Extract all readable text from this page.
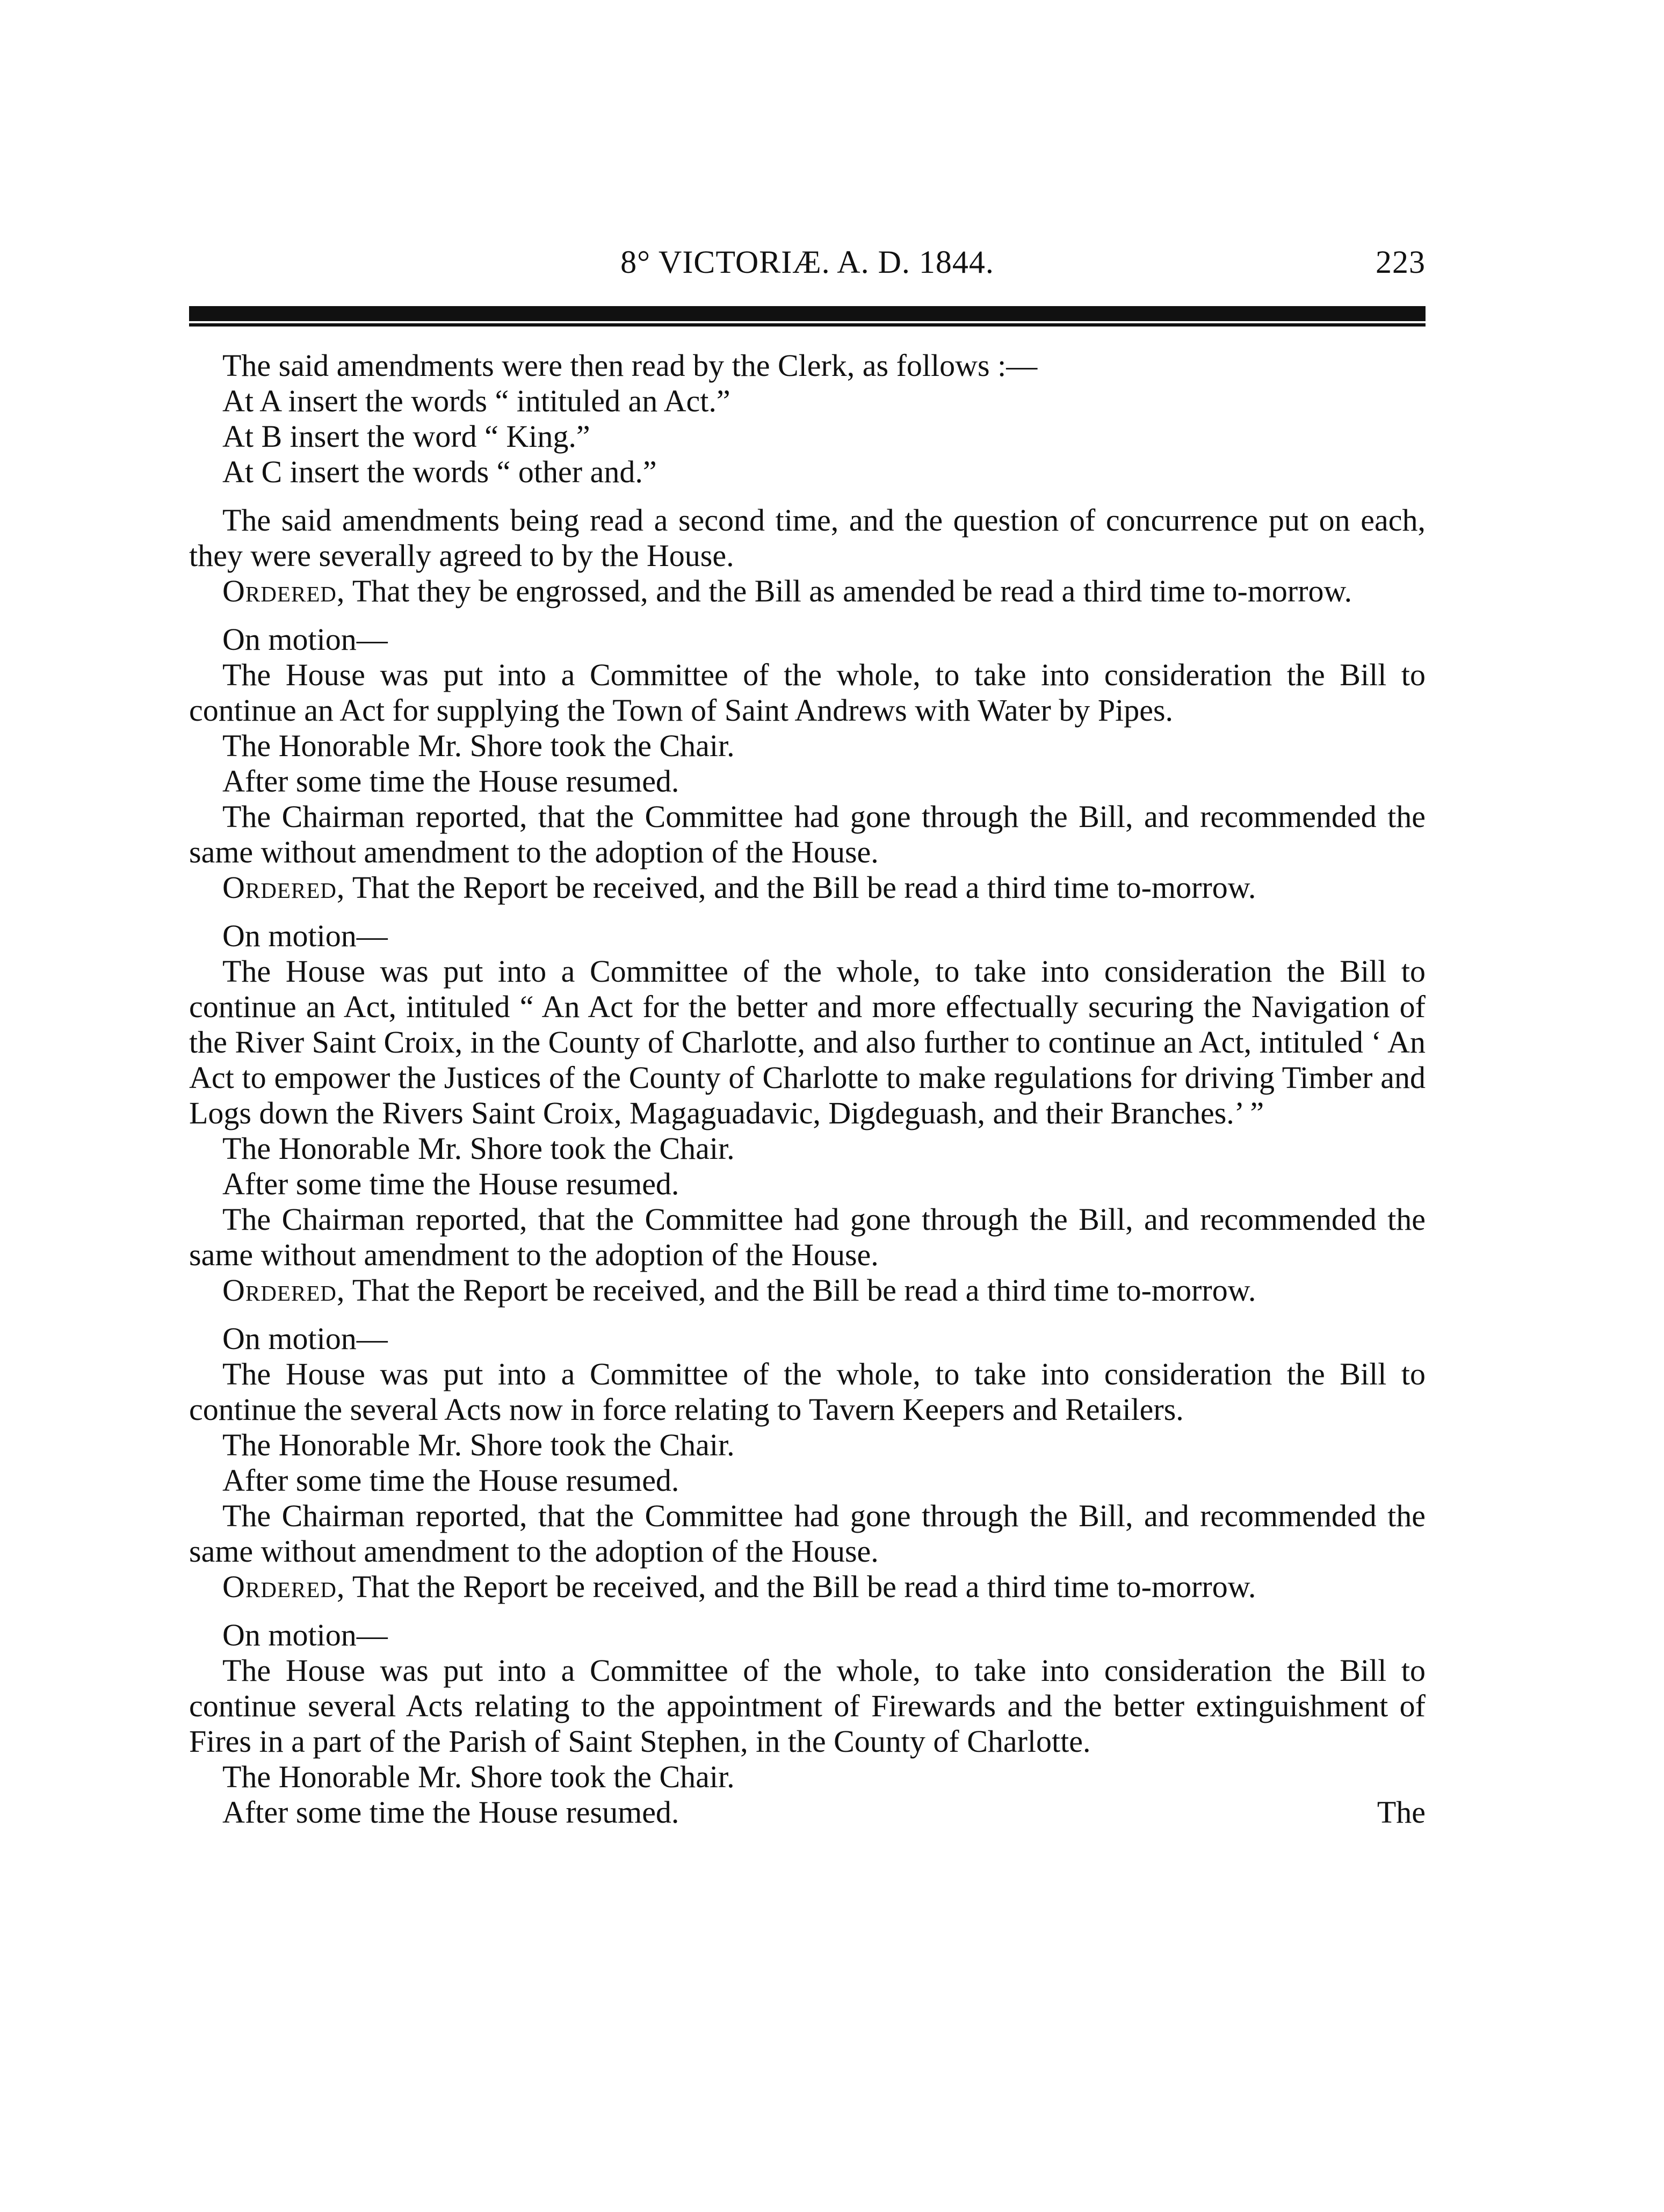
8° VICTORIÆ. A. D. 1844.	223

The said amendments were then read by the Clerk, as follows :—

At A insert the words “ intituled an Act.”

At B insert the word “ King.”

At C insert the words “ other and.”

The said amendments being read a second time, and the question of concurrence put on each, they were severally agreed to by the House.

Ordered, That they be engrossed, and the Bill as amended be read a third time to-morrow.

On motion—

The House was put into a Committee of the whole, to take into consideration the Bill to continue an Act for supplying the Town of Saint Andrews with Water by Pipes.

The Honorable Mr. Shore took the Chair.

After some time the House resumed.

The Chairman reported, that the Committee had gone through the Bill, and recommended the same without amendment to the adoption of the House.

Ordered, That the Report be received, and the Bill be read a third time to-morrow.

On motion—

The House was put into a Committee of the whole, to take into consideration the Bill to continue an Act, intituled “ An Act for the better and more effectually securing the Navigation of the River Saint Croix, in the County of Charlotte, and also further to continue an Act, intituled ‘ An Act to empower the Justices of the County of Charlotte to make regulations for driving Timber and Logs down the Rivers Saint Croix, Magaguadavic, Digdeguash, and their Branches.’ ”

The Honorable Mr. Shore took the Chair.

After some time the House resumed.

The Chairman reported, that the Committee had gone through the Bill, and recommended the same without amendment to the adoption of the House.

Ordered, That the Report be received, and the Bill be read a third time to-morrow.

On motion—

The House was put into a Committee of the whole, to take into consideration the Bill to continue the several Acts now in force relating to Tavern Keepers and Retailers.

The Honorable Mr. Shore took the Chair.

After some time the House resumed.

The Chairman reported, that the Committee had gone through the Bill, and recommended the same without amendment to the adoption of the House.

Ordered, That the Report be received, and the Bill be read a third time to-morrow.

On motion—

The House was put into a Committee of the whole, to take into consideration the Bill to continue several Acts relating to the appointment of Firewards and the better extinguishment of Fires in a part of the Parish of Saint Stephen, in the County of Charlotte.

The Honorable Mr. Shore took the Chair.

After some time the House resumed.	The
